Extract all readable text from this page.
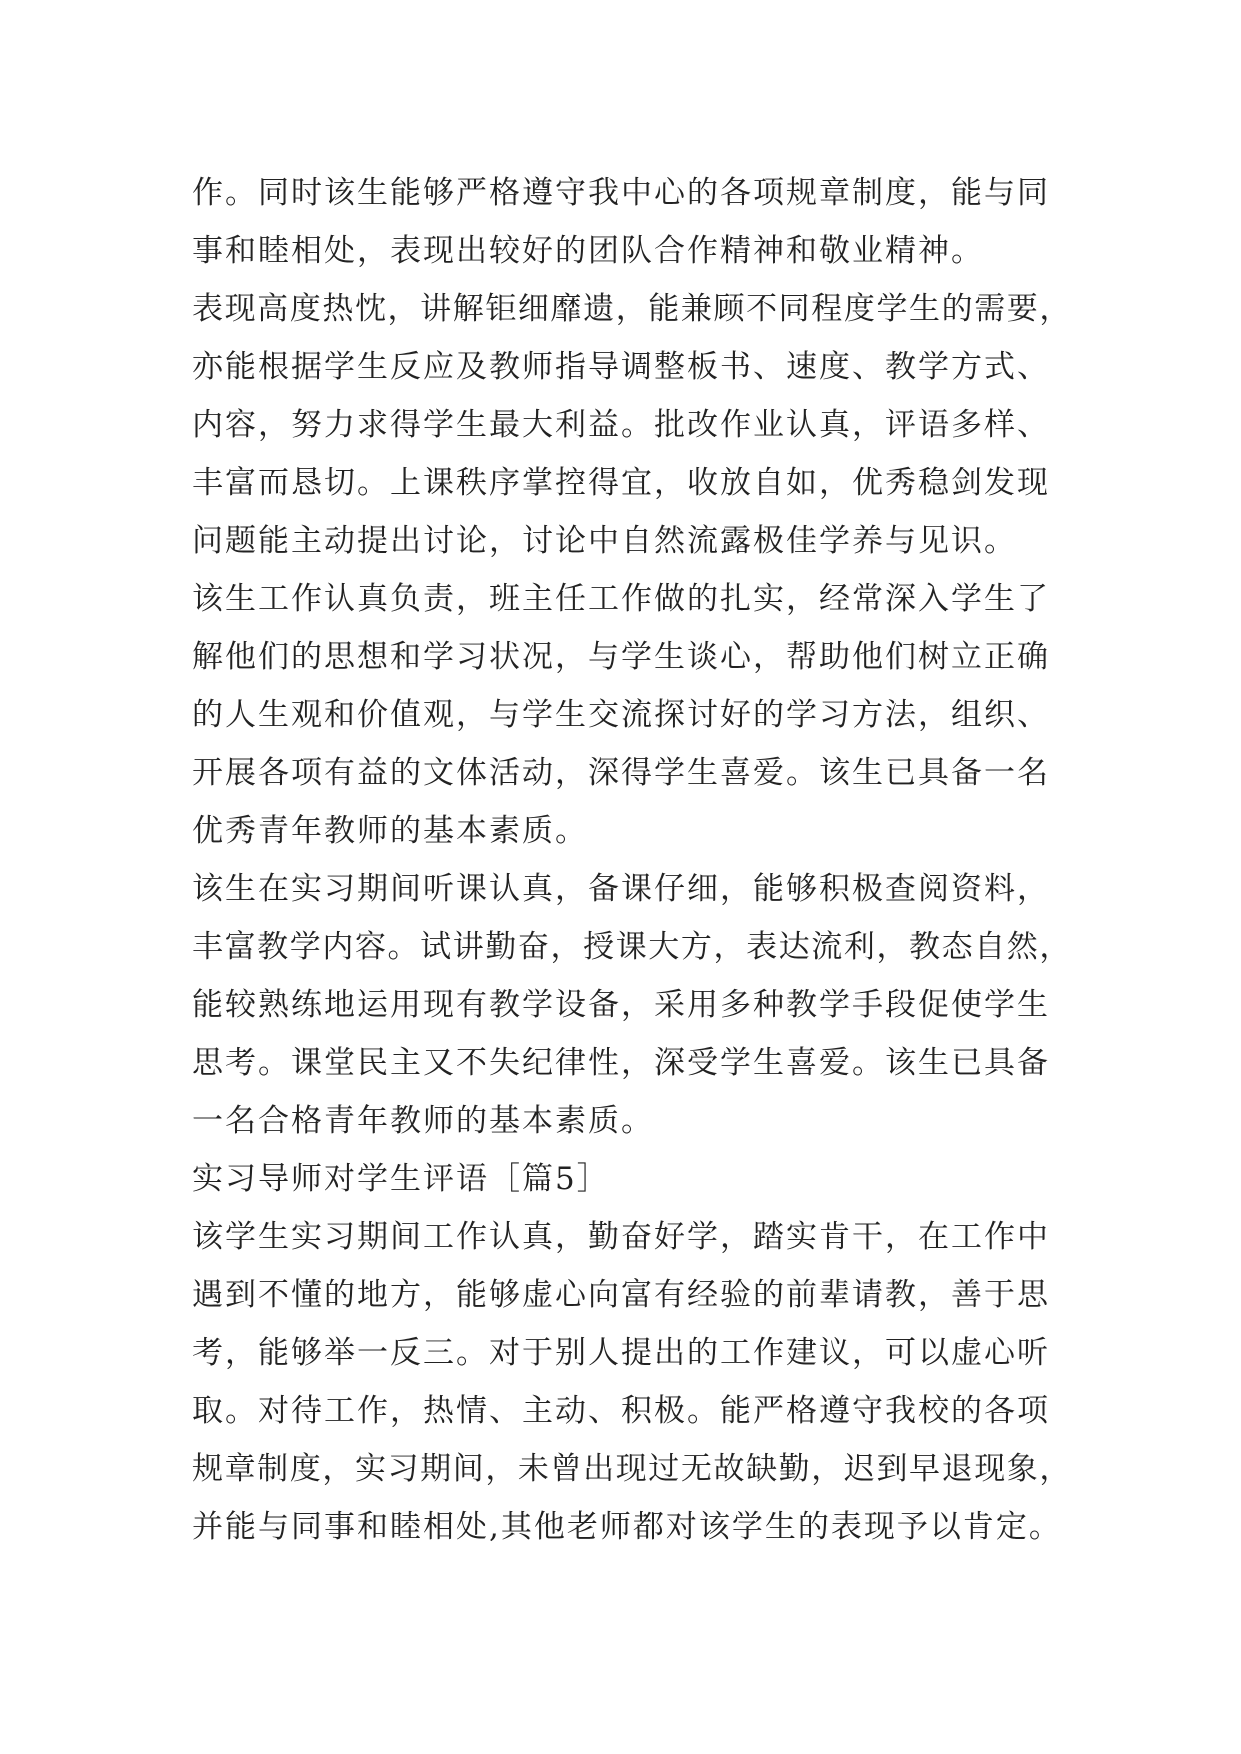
作。同时该生能够严格遵守我中心的各项规章制度，能与同
事和睦相处，表现出较好的团队合作精神和敬业精神。
表现高度热忱，讲解钜细靡遗，能兼顾不同程度学生的需要，
亦能根据学生反应及教师指导调整板书、速度、教学方式、
内容，努力求得学生最大利益。批改作业认真，评语多样、
丰富而恳切。上课秩序掌控得宜，收放自如，优秀稳剑发现
问题能主动提出讨论，讨论中自然流露极佳学养与见识。
该生工作认真负责，班主任工作做的扎实，经常深入学生了
解他们的思想和学习状况，与学生谈心，帮助他们树立正确
的人生观和价值观，与学生交流探讨好的学习方法，组织、
开展各项有益的文体活动，深得学生喜爱。该生已具备一名
优秀青年教师的基本素质。
该生在实习期间听课认真，备课仔细，能够积极查阅资料，
丰富教学内容。试讲勤奋，授课大方，表达流利，教态自然，
能较熟练地运用现有教学设备，采用多种教学手段促使学生
思考。课堂民主又不失纪律性，深受学生喜爱。该生已具备
一名合格青年教师的基本素质。
实习导师对学生评语［篇5］
该学生实习期间工作认真，勤奋好学，踏实肯干，在工作中
遇到不懂的地方，能够虚心向富有经验的前辈请教，善于思
考，能够举一反三。对于别人提出的工作建议，可以虚心听
取。对待工作，热情、主动、积极。能严格遵守我校的各项
规章制度，实习期间，未曾出现过无故缺勤，迟到早退现象，
并能与同事和睦相处,其他老师都对该学生的表现予以肯定。
